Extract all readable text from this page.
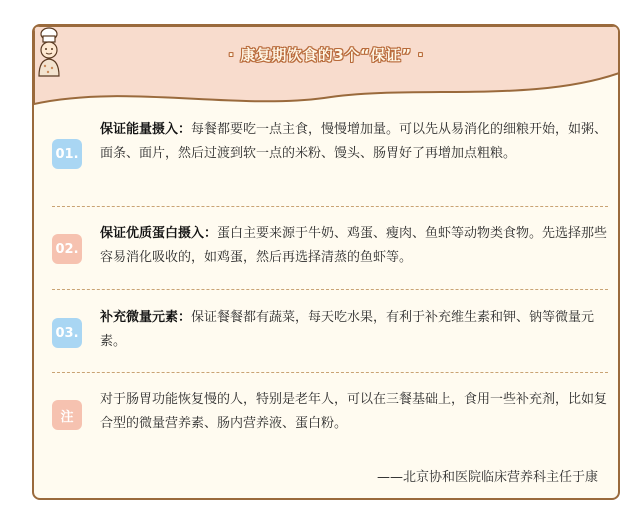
· 康复期饮食的3个“保证” ·
01.
保证能量摄入：每餐都要吃一点主食，慢慢增加量。可以先从易消化的细粮开始，如粥、面条、面片，然后过渡到软一点的米粉、馒头、肠胃好了再增加点粗粮。
02.
保证优质蛋白摄入：蛋白主要来源于牛奶、鸡蛋、瘦肉、鱼虾等动物类食物。先选择那些容易消化吸收的，如鸡蛋，然后再选择清蒸的鱼虾等。
03.
补充微量元素：保证餐餐都有蔬菜，每天吃水果，有利于补充维生素和钾、钠等微量元素。
注
对于肠胃功能恢复慢的人，特别是老年人，可以在三餐基础上，食用一些补充剂，比如复合型的微量营养素、肠内营养液、蛋白粉。
——北京协和医院临床营养科主任于康
